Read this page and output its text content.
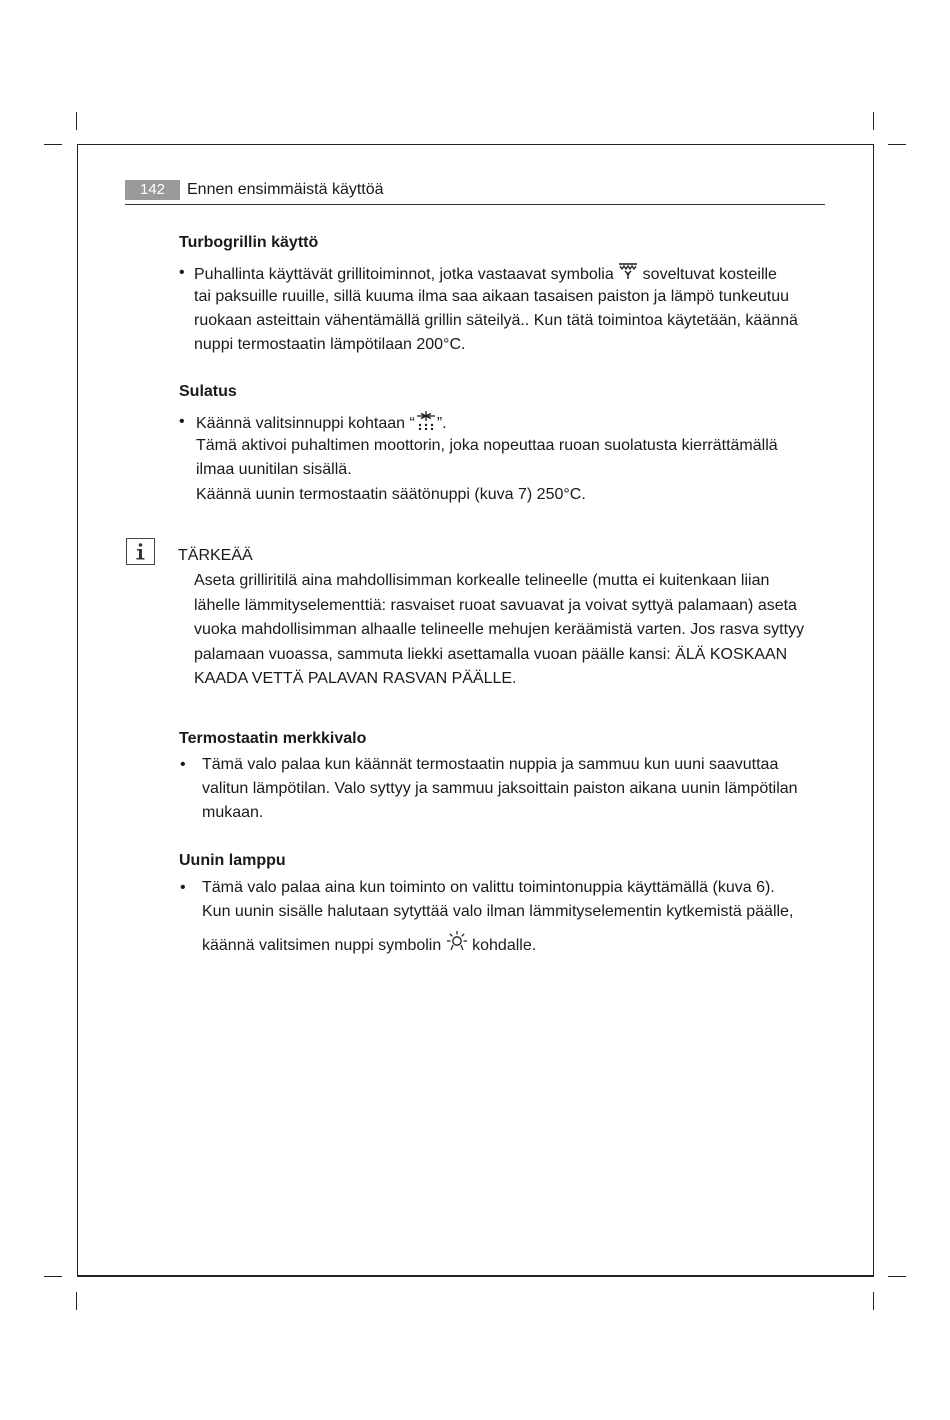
142	Ennen ensimmäistä käyttöä
Turbogrillin käyttö
• Puhallinta käyttävät grillitoiminnot, jotka vastaavat symbolia  soveltuvat kosteille
tai paksuille ruuille, sillä kuuma ilma saa aikaan tasaisen paiston ja lämpö tunkeutuu
ruokaan asteittain vähentämällä grillin säteilyä.. Kun tätä toimintoa käytetään, käännä
nuppi termostaatin lämpötilaan 200°C.
Sulatus
• Käännä valitsinnuppi kohtaan “ ”.
Tämä aktivoi puhaltimen moottorin, joka nopeuttaa ruoan suolatusta kierrättämällä
ilmaa uunitilan sisällä.
Käännä uunin termostaatin säätönuppi (kuva 7) 250°C.
TÄRKEÄÄ
Aseta grilliritilä aina mahdollisimman korkealle telineelle (mutta ei kuitenkaan liian
lähelle lämmityselementtiä: rasvaiset ruoat savuavat ja voivat syttyä palamaan) aseta
vuoka mahdollisimman alhaalle telineelle mehujen keräämistä varten. Jos rasva syttyy
palamaan vuoassa, sammuta liekki asettamalla vuoan päälle kansi: ÄLÄ KOSKAAN
KAADA VETTÄ PALAVAN RASVAN PÄÄLLE.
Termostaatin merkkivalo
• Tämä valo palaa kun käännät termostaatin nuppia ja sammuu kun uuni saavuttaa
valitun lämpötilan. Valo syttyy ja sammuu jaksoittain paiston aikana uunin lämpötilan
mukaan.
Uunin lamppu
• Tämä valo palaa aina kun toiminto on valittu toimintonuppia käyttämällä (kuva 6).
Kun uunin sisälle halutaan sytyttää valo ilman lämmityselementin kytkemistä päälle,
käännä valitsimen nuppi symbolin  kohdalle.
